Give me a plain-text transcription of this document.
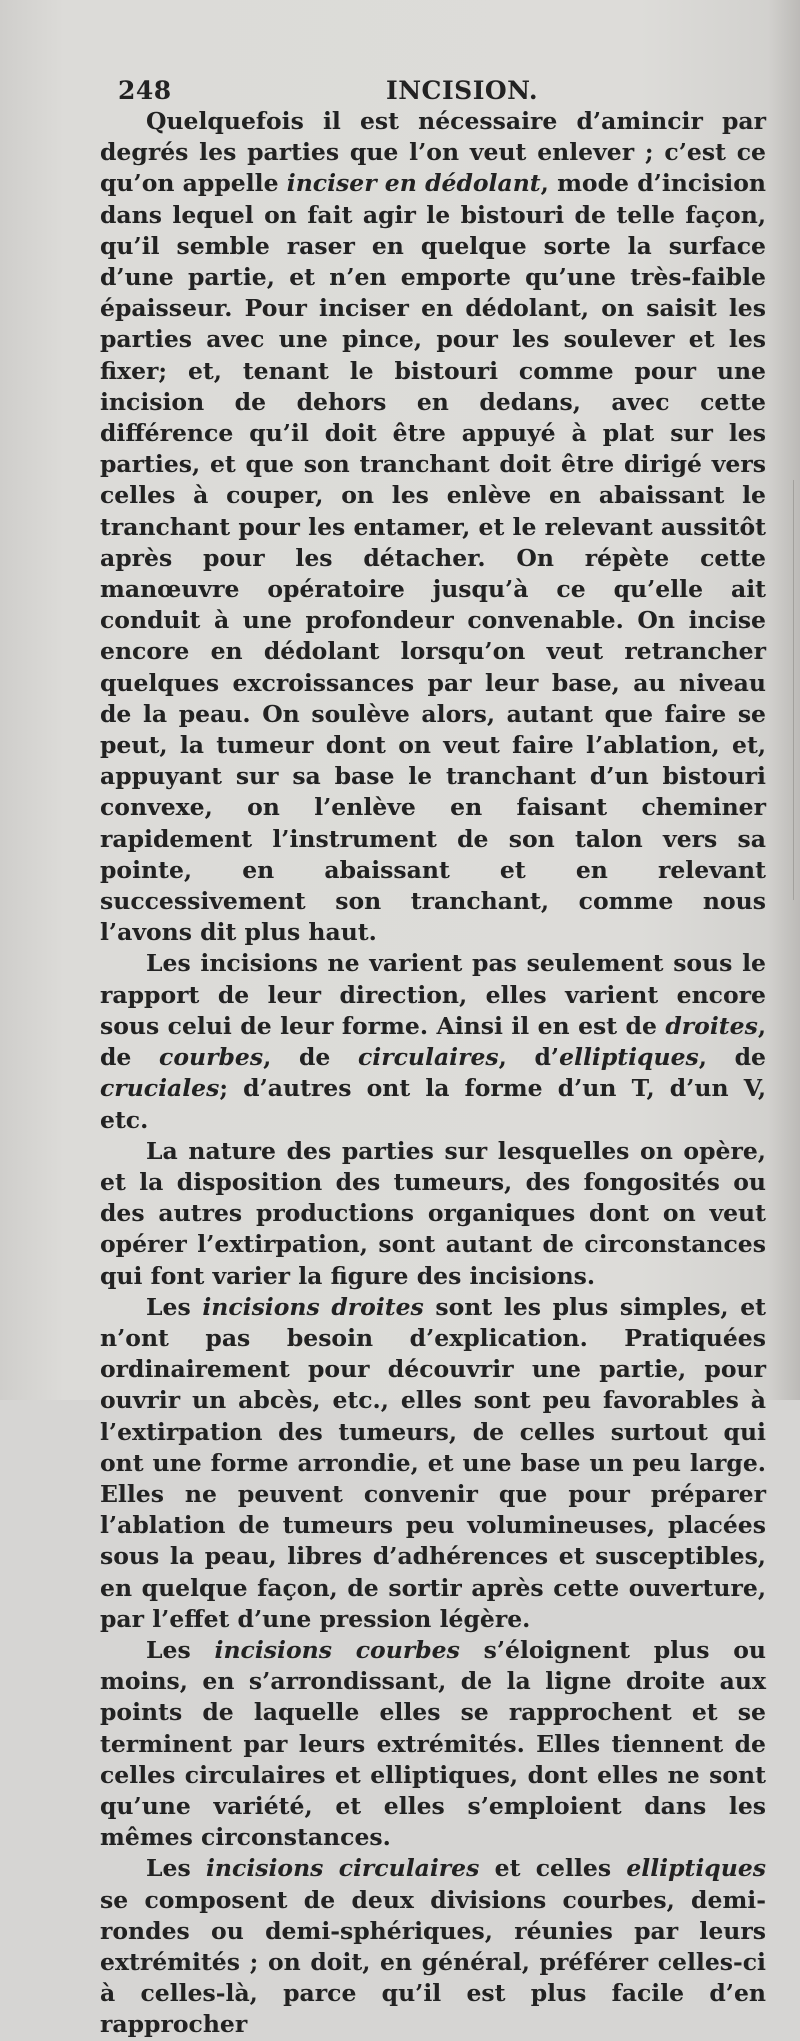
248	INCISION.

Quelquefois il est nécessaire d’amincir par degrés les parties que l’on veut enlever ; c’est ce qu’on appelle inciser en dédolant, mode d’incision dans lequel on fait agir le bistouri de telle façon, qu’il semble raser en quelque sorte la surface d’une partie, et n’en emporte qu’une très-faible épaisseur. Pour inciser en dédolant, on saisit les parties avec une pince, pour les soulever et les fixer; et, tenant le bistouri comme pour une incision de dehors en dedans, avec cette différence qu’il doit être appuyé à plat sur les parties, et que son tranchant doit être dirigé vers celles à couper, on les enlève en abaissant le tranchant pour les entamer, et le relevant aussitôt après pour les détacher. On répète cette manœuvre opératoire jusqu’à ce qu’elle ait conduit à une profondeur convenable. On incise encore en dédolant lorsqu’on veut retrancher quelques excroissances par leur base, au niveau de la peau. On soulève alors, autant que faire se peut, la tumeur dont on veut faire l’ablation, et, appuyant sur sa base le tranchant d’un bistouri convexe, on l’enlève en faisant cheminer rapidement l’instrument de son talon vers sa pointe, en abaissant et en relevant successivement son tranchant, comme nous l’avons dit plus haut.

Les incisions ne varient pas seulement sous le rapport de leur direction, elles varient encore sous celui de leur forme. Ainsi il en est de droites, de courbes, de circulaires, d’elliptiques, de cruciales; d’autres ont la forme d’un T, d’un V, etc.

La nature des parties sur lesquelles on opère, et la disposition des tumeurs, des fongosités ou des autres productions organiques dont on veut opérer l’extirpation, sont autant de circonstances qui font varier la figure des incisions.

Les incisions droites sont les plus simples, et n’ont pas besoin d’explication. Pratiquées ordinairement pour découvrir une partie, pour ouvrir un abcès, etc., elles sont peu favorables à l’extirpation des tumeurs, de celles surtout qui ont une forme arrondie, et une base un peu large. Elles ne peuvent convenir que pour préparer l’ablation de tumeurs peu volumineuses, placées sous la peau, libres d’adhérences et susceptibles, en quelque façon, de sortir après cette ouverture, par l’effet d’une pression légère.

Les incisions courbes s’éloignent plus ou moins, en s’arrondissant, de la ligne droite aux points de laquelle elles se rapprochent et se terminent par leurs extrémités. Elles tiennent de celles circulaires et elliptiques, dont elles ne sont qu’une variété, et elles s’emploient dans les mêmes circonstances.

Les incisions circulaires et celles elliptiques se composent de deux divisions courbes, demi-rondes ou demi-sphériques, réunies par leurs extrémités ; on doit, en général, préférer celles-ci à celles-là, parce qu’il est plus facile d’en rapprocher
